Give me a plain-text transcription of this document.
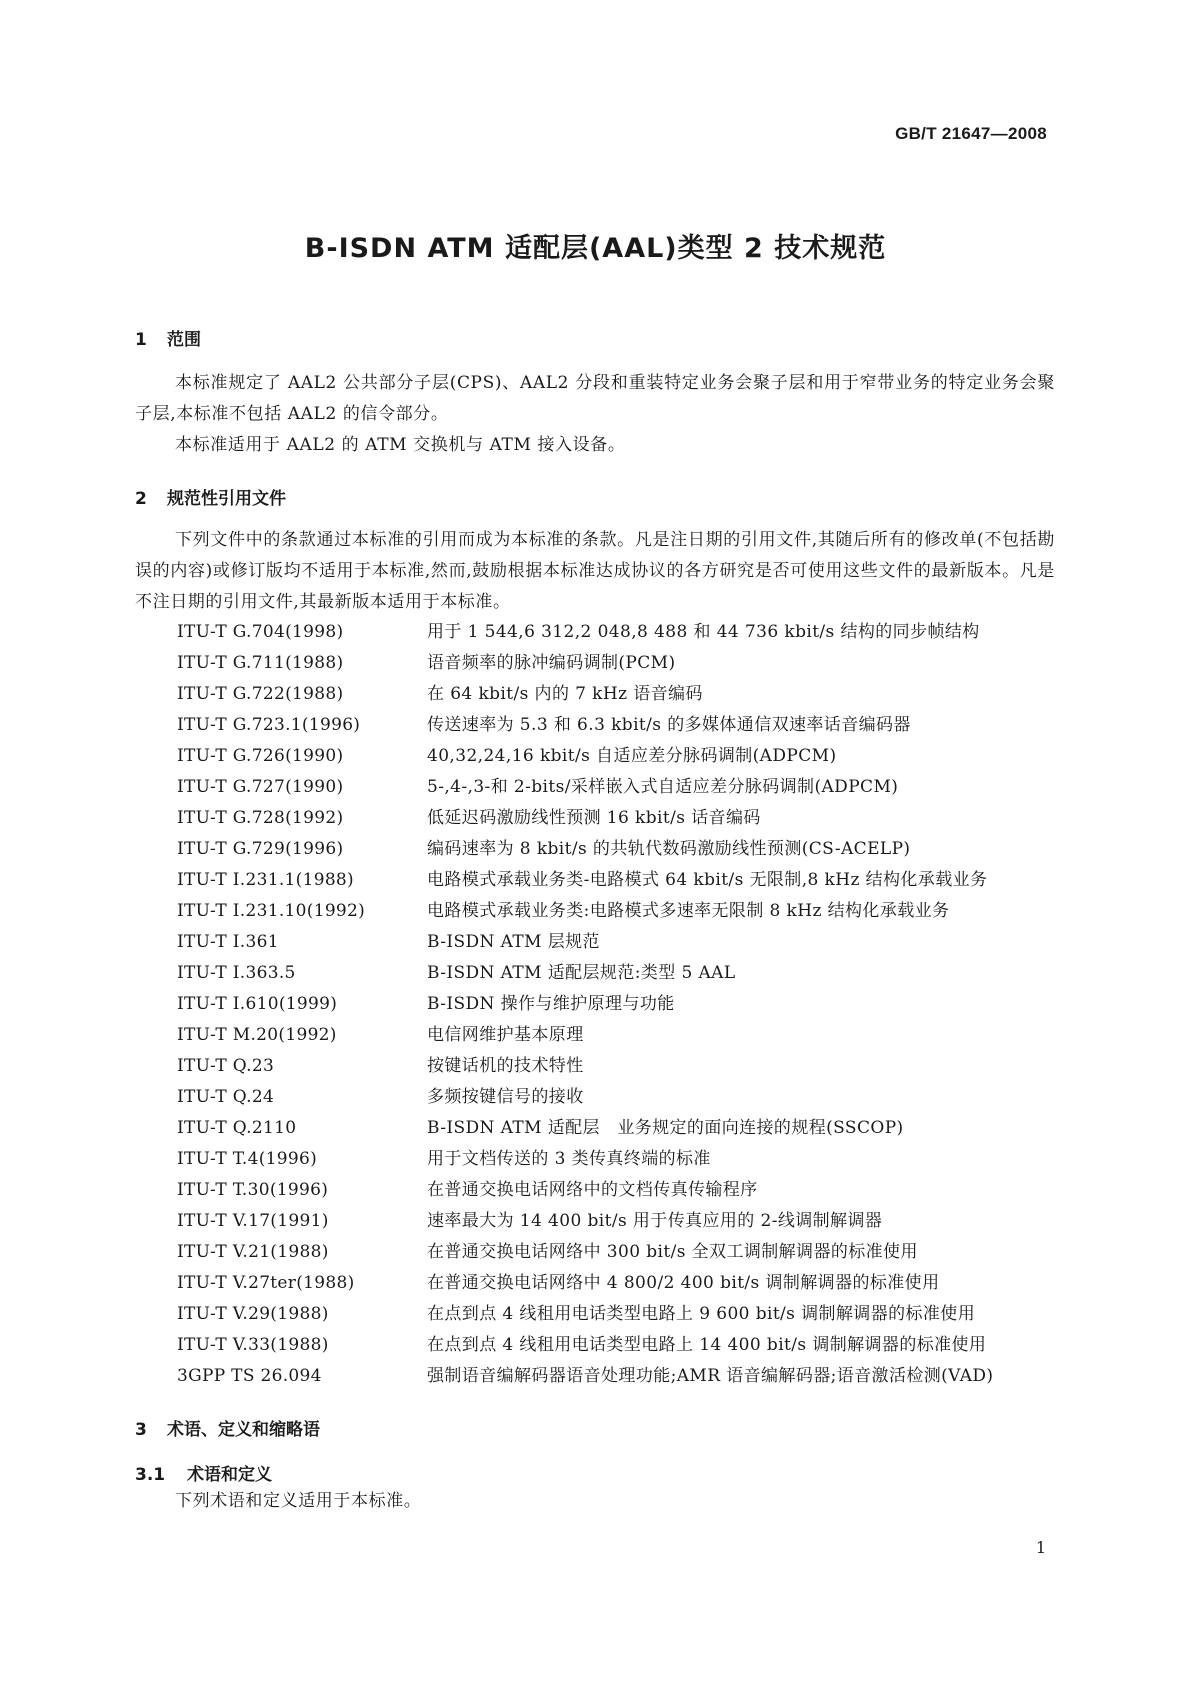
GB/T 21647—2008
B-ISDN ATM 适配层(AAL)类型 2 技术规范
1 范围
本标准规定了 AAL2 公共部分子层(CPS)、AAL2 分段和重装特定业务会聚子层和用于窄带业务的特定业务会聚子层,本标准不包括 AAL2 的信令部分。
本标准适用于 AAL2 的 ATM 交换机与 ATM 接入设备。
2 规范性引用文件
下列文件中的条款通过本标准的引用而成为本标准的条款。凡是注日期的引用文件,其随后所有的修改单(不包括勘误的内容)或修订版均不适用于本标准,然而,鼓励根据本标准达成协议的各方研究是否可使用这些文件的最新版本。凡是不注日期的引用文件,其最新版本适用于本标准。
ITU-T G.704(1998)	用于 1 544,6 312,2 048,8 488 和 44 736 kbit/s 结构的同步帧结构
ITU-T G.711(1988)	语音频率的脉冲编码调制(PCM)
ITU-T G.722(1988)	在 64 kbit/s 内的 7 kHz 语音编码
ITU-T G.723.1(1996)	传送速率为 5.3 和 6.3 kbit/s 的多媒体通信双速率话音编码器
ITU-T G.726(1990)	40,32,24,16 kbit/s 自适应差分脉码调制(ADPCM)
ITU-T G.727(1990)	5-,4-,3-和 2-bits/采样嵌入式自适应差分脉码调制(ADPCM)
ITU-T G.728(1992)	低延迟码激励线性预测 16 kbit/s 话音编码
ITU-T G.729(1996)	编码速率为 8 kbit/s 的共轨代数码激励线性预测(CS-ACELP)
ITU-T I.231.1(1988)	电路模式承载业务类-电路模式 64 kbit/s 无限制,8 kHz 结构化承载业务
ITU-T I.231.10(1992)	电路模式承载业务类:电路模式多速率无限制 8 kHz 结构化承载业务
ITU-T I.361	B-ISDN ATM 层规范
ITU-T I.363.5	B-ISDN ATM 适配层规范:类型 5 AAL
ITU-T I.610(1999)	B-ISDN 操作与维护原理与功能
ITU-T M.20(1992)	电信网维护基本原理
ITU-T Q.23	按键话机的技术特性
ITU-T Q.24	多频按键信号的接收
ITU-T Q.2110	B-ISDN ATM 适配层　业务规定的面向连接的规程(SSCOP)
ITU-T T.4(1996)	用于文档传送的 3 类传真终端的标准
ITU-T T.30(1996)	在普通交换电话网络中的文档传真传输程序
ITU-T V.17(1991)	速率最大为 14 400 bit/s 用于传真应用的 2-线调制解调器
ITU-T V.21(1988)	在普通交换电话网络中 300 bit/s 全双工调制解调器的标准使用
ITU-T V.27ter(1988)	在普通交换电话网络中 4 800/2 400 bit/s 调制解调器的标准使用
ITU-T V.29(1988)	在点到点 4 线租用电话类型电路上 9 600 bit/s 调制解调器的标准使用
ITU-T V.33(1988)	在点到点 4 线租用电话类型电路上 14 400 bit/s 调制解调器的标准使用
3GPP TS 26.094	强制语音编解码器语音处理功能;AMR 语音编解码器;语音激活检测(VAD)
3 术语、定义和缩略语
3.1 术语和定义
下列术语和定义适用于本标准。
1
